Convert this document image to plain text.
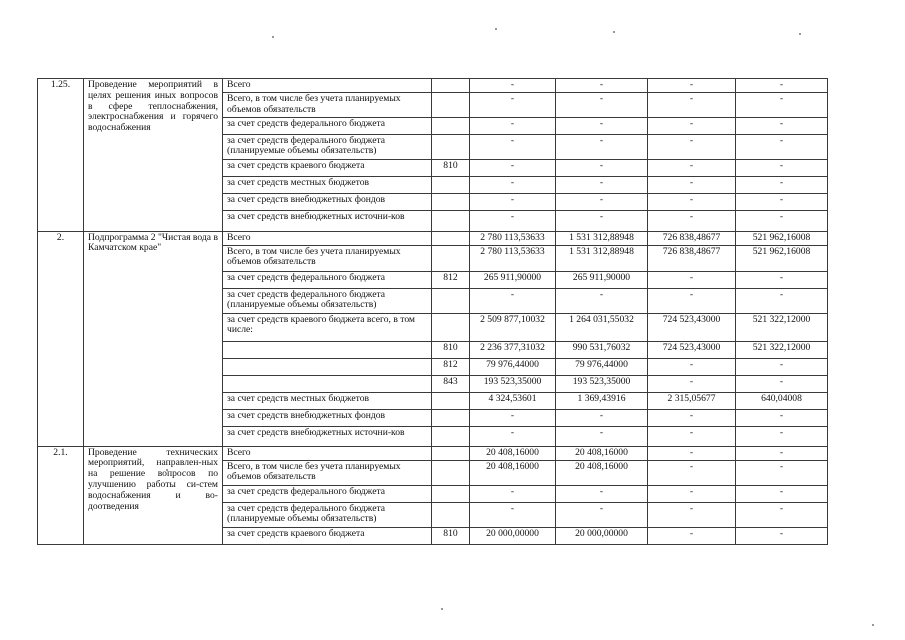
1.25.	Проведение мероприятий в целях решения иных вопросов в сфере теплоснабжения, электроснабжения и горячего водоснабжения	Всего		-	-	-	-
		Всего, в том числе без учета планируемых объемов обязательств		-	-	-	-
		за счет средств федерального бюджета		-	-	-	-
		за счет средств федерального бюджета (планируемые объемы обязательств)		-	-	-	-
		за счет средств краевого бюджета	810	-	-	-	-
		за счет средств местных бюджетов		-	-	-	-
		за счет средств внебюджетных фондов		-	-	-	-
		за счет средств внебюджетных источни-ков		-	-	-	-
2.	Подпрограмма 2 "Чистая вода в Камчатском крае"	Всего		2 780 113,53633	1 531 312,88948	726 838,48677	521 962,16008
		Всего, в том числе без учета планируемых объемов обязательств		2 780 113,53633	1 531 312,88948	726 838,48677	521 962,16008
		за счет средств федерального бюджета	812	265 911,90000	265 911,90000	-	-
		за счет средств федерального бюджета (планируемые объемы обязательств)		-	-	-	-
		за счет средств краевого бюджета всего, в том числе:		2 509 877,10032	1 264 031,55032	724 523,43000	521 322,12000
			810	2 236 377,31032	990 531,76032	724 523,43000	521 322,12000
			812	79 976,44000	79 976,44000	-	-
			843	193 523,35000	193 523,35000	-	-
		за счет средств местных бюджетов		4 324,53601	1 369,43916	2 315,05677	640,04008
		за счет средств внебюджетных фондов		-	-	-	-
		за счет средств внебюджетных источни-ков		-	-	-	-
2.1.	Проведение технических мероприятий, направлен-ных на решение вопросов по улучшению работы си-стем водоснабжения и во-доотведения	Всего		20 408,16000	20 408,16000	-	-
		Всего, в том числе без учета планируемых объемов обязательств		20 408,16000	20 408,16000	-	-
		за счет средств федерального бюджета		-	-	-	-
		за счет средств федерального бюджета (планируемые объемы обязательств)		-	-	-	-
		за счет средств краевого бюджета	810	20 000,00000	20 000,00000	-	-
